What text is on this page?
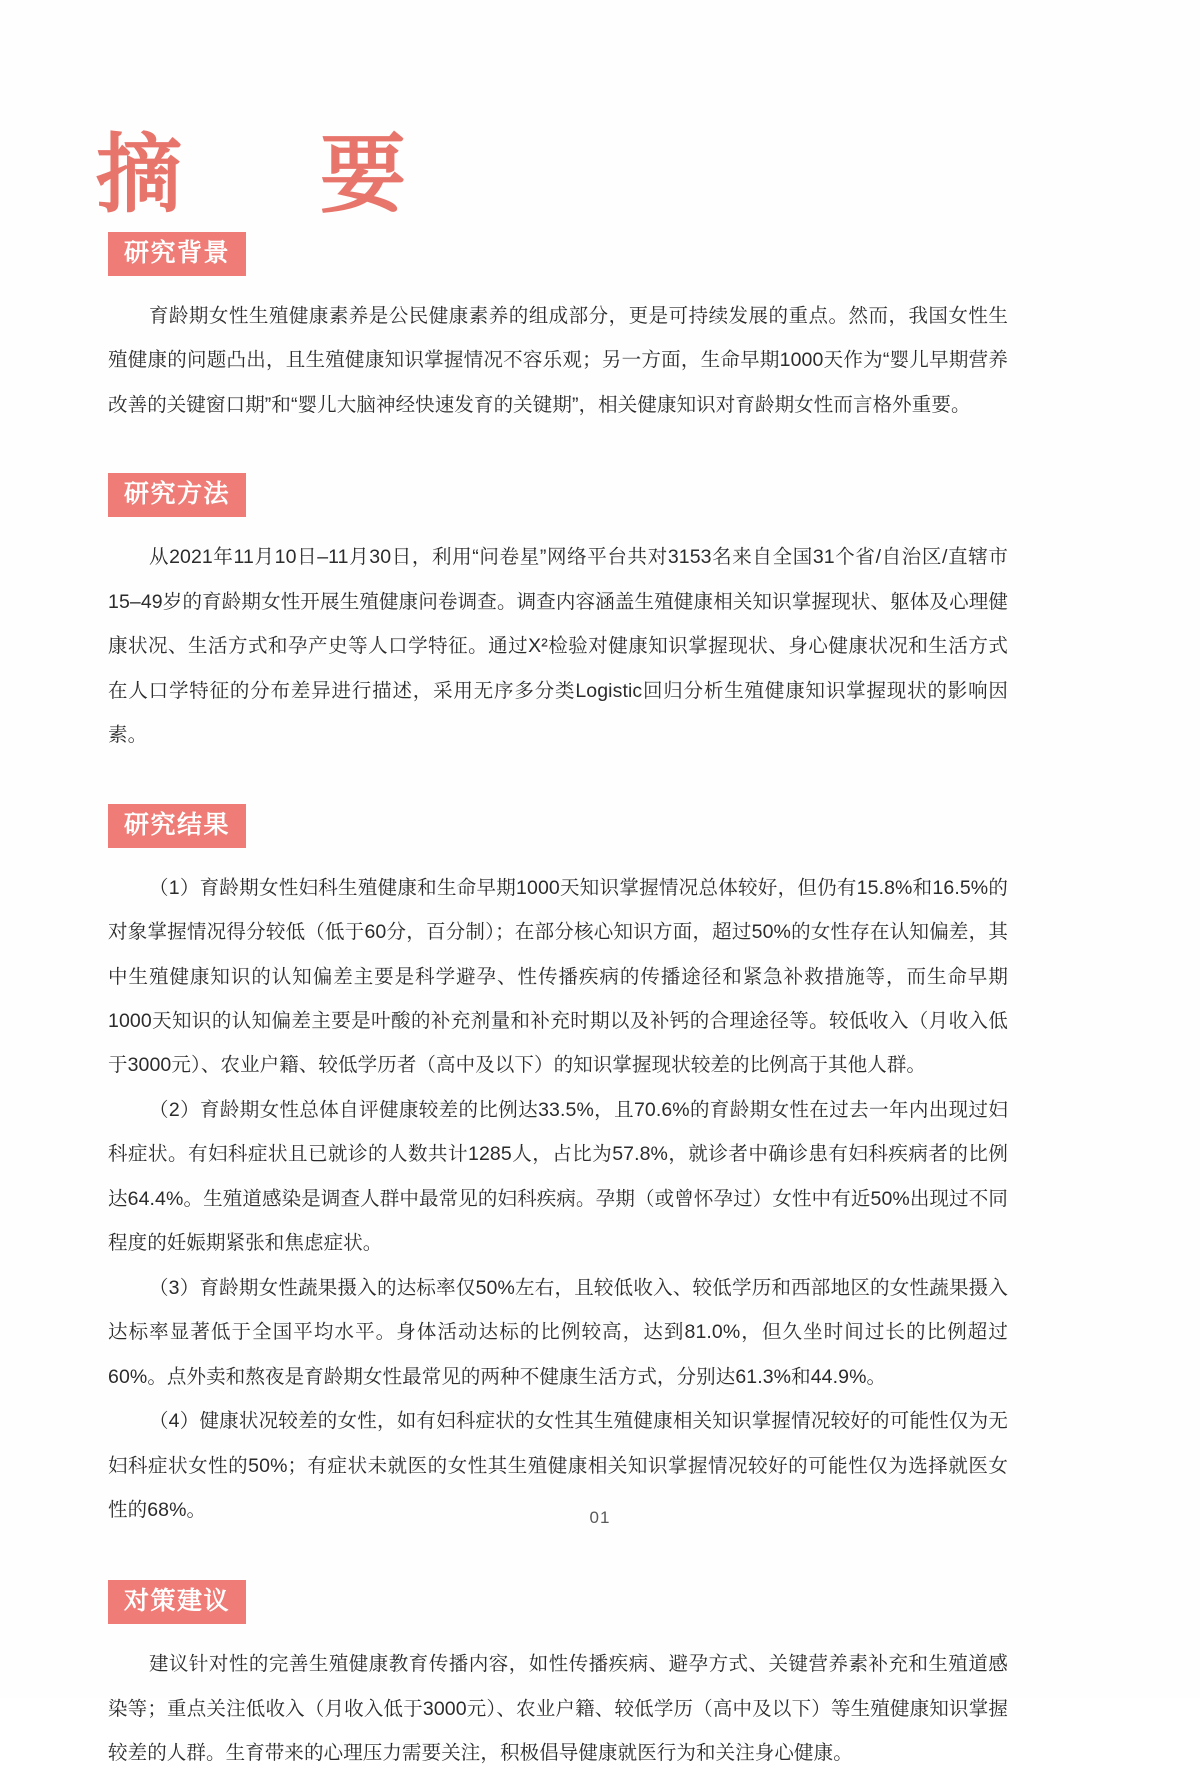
摘　要
研究背景

育龄期女性生殖健康素养是公民健康素养的组成部分，更是可持续发展的重点。然而，我国女性生殖健康的问题凸出，且生殖健康知识掌握情况不容乐观；另一方面，生命早期1000天作为“婴儿早期营养改善的关键窗口期”和“婴儿大脑神经快速发育的关键期”，相关健康知识对育龄期女性而言格外重要。

研究方法

从2021年11月10日–11月30日，利用“问卷星”网络平台共对3153名来自全国31个省/自治区/直辖市15–49岁的育龄期女性开展生殖健康问卷调查。调查内容涵盖生殖健康相关知识掌握现状、躯体及心理健康状况、生活方式和孕产史等人口学特征。通过X²检验对健康知识掌握现状、身心健康状况和生活方式在人口学特征的分布差异进行描述，采用无序多分类Logistic回归分析生殖健康知识掌握现状的影响因素。

研究结果

（1）育龄期女性妇科生殖健康和生命早期1000天知识掌握情况总体较好，但仍有15.8%和16.5%的对象掌握情况得分较低（低于60分，百分制）；在部分核心知识方面，超过50%的女性存在认知偏差，其中生殖健康知识的认知偏差主要是科学避孕、性传播疾病的传播途径和紧急补救措施等，而生命早期1000天知识的认知偏差主要是叶酸的补充剂量和补充时期以及补钙的合理途径等。较低收入（月收入低于3000元）、农业户籍、较低学历者（高中及以下）的知识掌握现状较差的比例高于其他人群。

（2）育龄期女性总体自评健康较差的比例达33.5%，且70.6%的育龄期女性在过去一年内出现过妇科症状。有妇科症状且已就诊的人数共计1285人，占比为57.8%，就诊者中确诊患有妇科疾病者的比例达64.4%。生殖道感染是调查人群中最常见的妇科疾病。孕期（或曾怀孕过）女性中有近50%出现过不同程度的妊娠期紧张和焦虑症状。

（3）育龄期女性蔬果摄入的达标率仅50%左右，且较低收入、较低学历和西部地区的女性蔬果摄入达标率显著低于全国平均水平。身体活动达标的比例较高，达到81.0%，但久坐时间过长的比例超过60%。点外卖和熬夜是育龄期女性最常见的两种不健康生活方式，分别达61.3%和44.9%。

（4）健康状况较差的女性，如有妇科症状的女性其生殖健康相关知识掌握情况较好的可能性仅为无妇科症状女性的50%；有症状未就医的女性其生殖健康相关知识掌握情况较好的可能性仅为选择就医女性的68%。

对策建议

建议针对性的完善生殖健康教育传播内容，如性传播疾病、避孕方式、关键营养素补充和生殖道感染等；重点关注低收入（月收入低于3000元）、农业户籍、较低学历（高中及以下）等生殖健康知识掌握较差的人群。生育带来的心理压力需要关注，积极倡导健康就医行为和关注身心健康。

01
